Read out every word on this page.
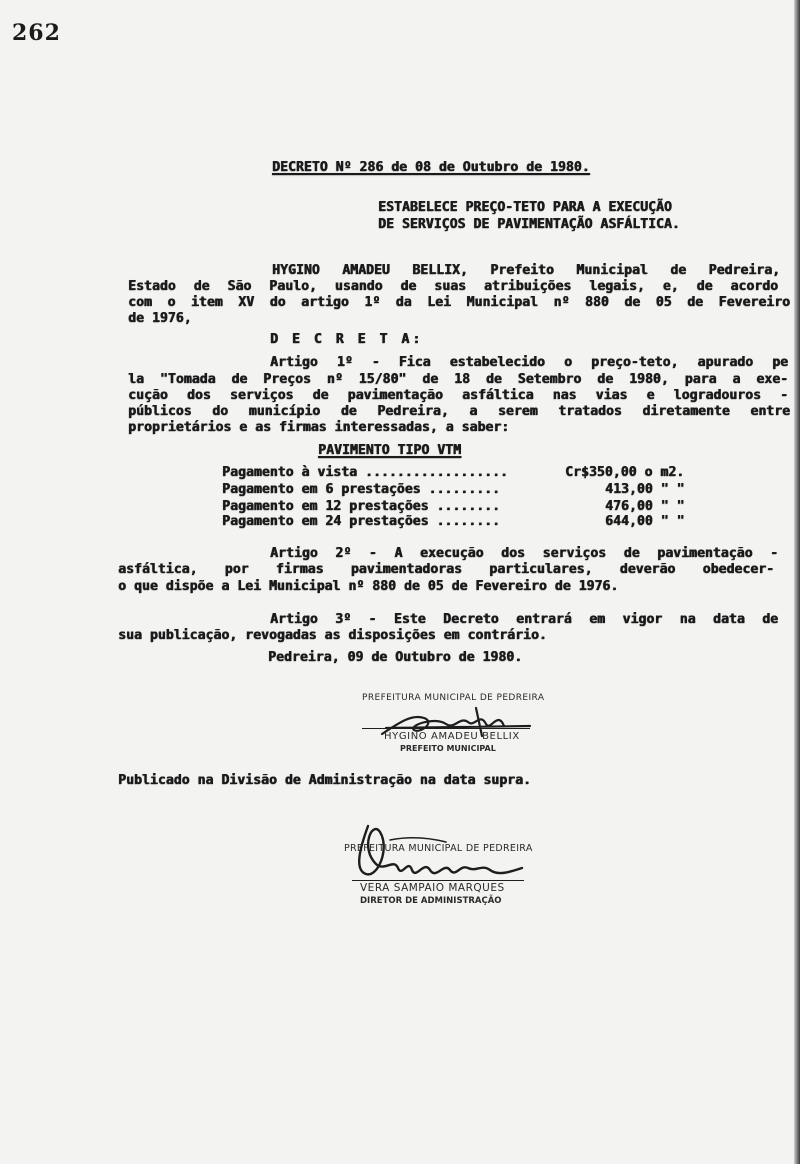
262
DECRETO Nº 286 de 08 de Outubro de 1980.
ESTABELECE PREÇO-TETO PARA A EXECUÇÃO
DE SERVIÇOS DE PAVIMENTAÇÃO ASFÁLTICA.
HYGINO AMADEU BELLIX, Prefeito Municipal de Pedreira,
Estado de São Paulo, usando de suas atribuições legais, e, de acordo
com o item XV do artigo 1º da Lei Municipal nº 880 de 05 de Fevereiro
de 1976,
D E C R E T A:
Artigo 1º - Fica estabelecido o preço-teto, apurado pe
la "Tomada de Preços nº 15/80" de 18 de Setembro de 1980, para a exe-
cução dos serviços de pavimentação asfáltica nas vias e logradouros -
públicos do município de Pedreira, a serem tratados diretamente entre
proprietários e as firmas interessadas, a saber:
PAVIMENTO TIPO VTM
Pagamento à vista ..................	Cr$350,00 o m2.
Pagamento em 6 prestações .........	413,00 " "
Pagamento em 12 prestações ........	476,00 " "
Pagamento em 24 prestações ........	644,00 " "
Artigo 2º - A execução dos serviços de pavimentação -
asfáltica, por firmas pavimentadoras particulares, deverão obedecer-
o que dispõe a Lei Municipal nº 880 de 05 de Fevereiro de 1976.
Artigo 3º - Este Decreto entrará em vigor na data de
sua publicação, revogadas as disposições em contrário.
Pedreira, 09 de Outubro de 1980.
PREFEITURA MUNICIPAL DE PEDREIRA
HYGINO AMADEU BELLIX
PREFEITO MUNICIPAL
Publicado na Divisão de Administração na data supra.
PREFEITURA MUNICIPAL DE PEDREIRA
VERA SAMPAIO MARQUES
DIRETOR DE ADMINISTRAÇÃO
